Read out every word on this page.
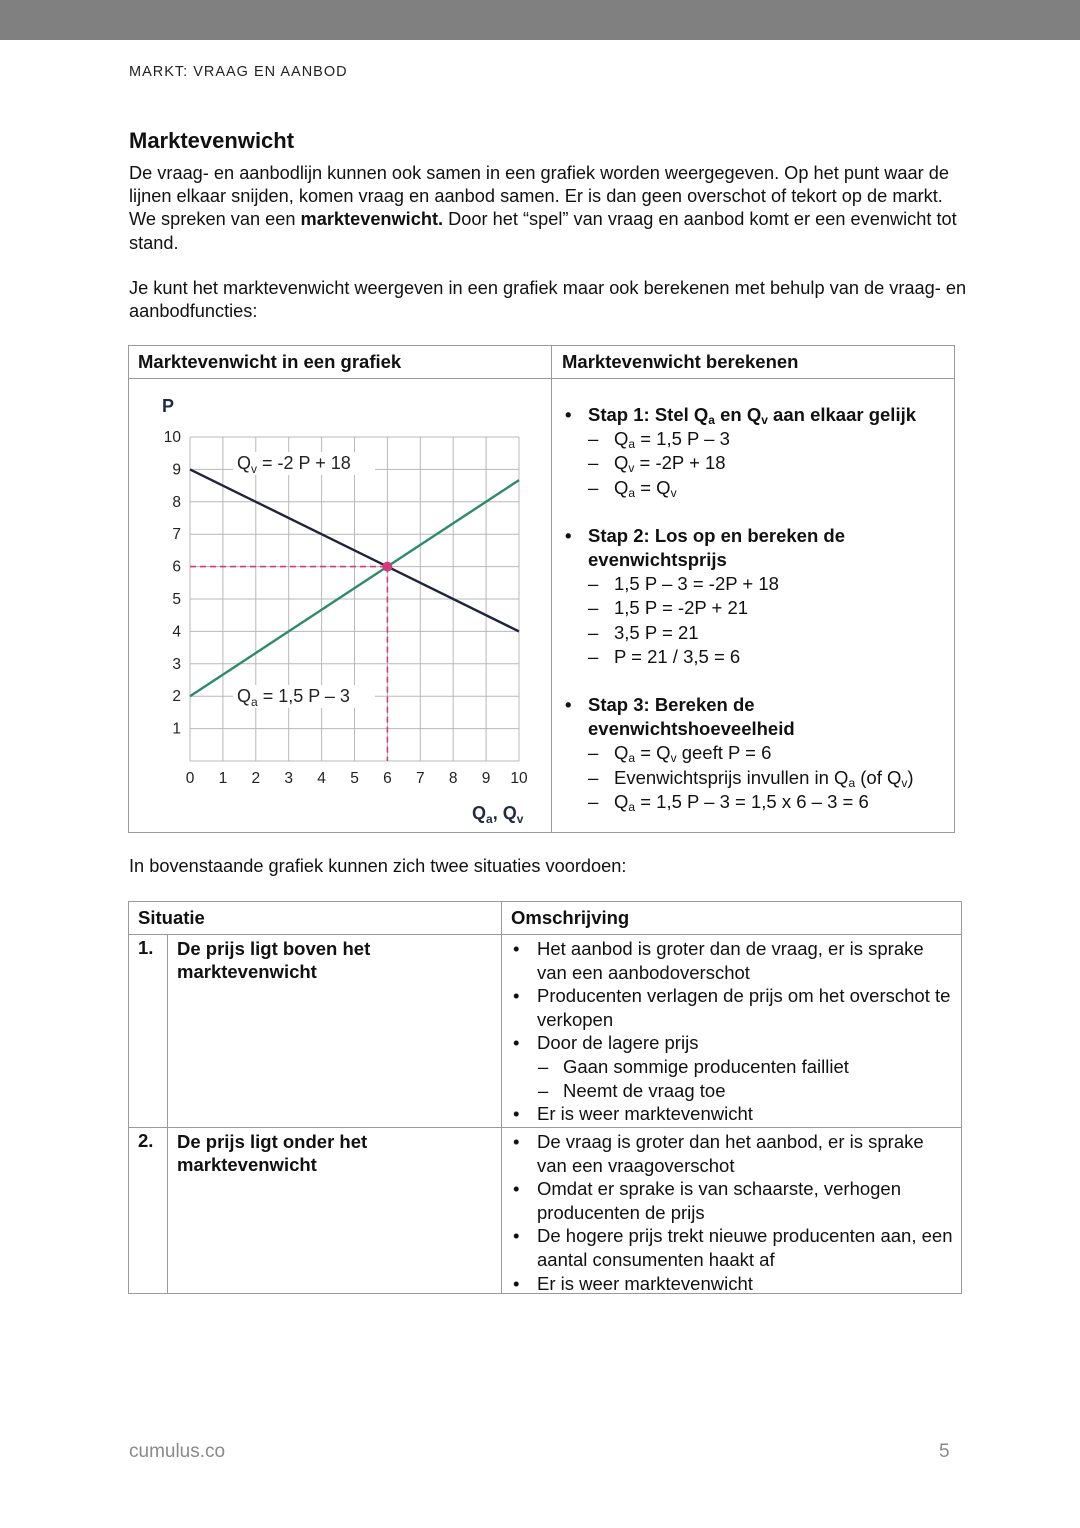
MARKT: VRAAG EN AANBOD
Marktevenwicht

De vraag- en aanbodlijn kunnen ook samen in een grafiek worden weergegeven. Op het punt waar de lijnen elkaar snijden, komen vraag en aanbod samen. Er is dan geen overschot of tekort op de markt. We spreken van een marktevenwicht. Door het “spel” van vraag en aanbod komt er een evenwicht tot stand.

Je kunt het marktevenwicht weergeven in een grafiek maar ook berekenen met behulp van de vraag- en aanbodfuncties:

Marktevenwicht in een grafiek	Marktevenwicht berekenen
0 1 2 3 4 5 6 7 8 9 10
1
2
3
4
5
6
7
8
9
10
$Q_v = -2$ P + 18
$Q_a = 1,5$ P – 3
P
$Q_a$, $Q_v$
• Stap 1: Stel $Q_a$ en $Q_v$ aan elkaar gelijk
– $Q_a = 1,5$ P – 3
– $Q_v = -2P + 18$
– $Q_a = Q_v$
• Stap 2: Los op en bereken de evenwichtsprijs
– 1,5 P – 3 = -2P + 18
– 1,5 P = -2P + 21
– 3,5 P = 21
– P = 21 / 3,5 = 6
• Stap 3: Bereken de evenwichtshoeveelheid
– $Q_a = Q_v$ geeft P = 6
– Evenwichtsprijs invullen in $Q_a$ (of $Q_v$)
– $Q_a = 1,5$ P – 3 = 1,5 x 6 – 3 = 6
In bovenstaande grafiek kunnen zich twee situaties voordoen:
Situatie	Omschrijving
1. De prijs ligt boven het marktevenwicht
• Het aanbod is groter dan de vraag, er is sprake van een aanbodoverschot
• Producenten verlagen de prijs om het overschot te verkopen
• Door de lagere prijs
– Gaan sommige producenten failliet
– Neemt de vraag toe
• Er is weer marktevenwicht
2. De prijs ligt onder het marktevenwicht
• De vraag is groter dan het aanbod, er is sprake van een vraagoverschot
• Omdat er sprake is van schaarste, verhogen producenten de prijs
• De hogere prijs trekt nieuwe producenten aan, een aantal consumenten haakt af
• Er is weer marktevenwicht
cumulus.co	5
